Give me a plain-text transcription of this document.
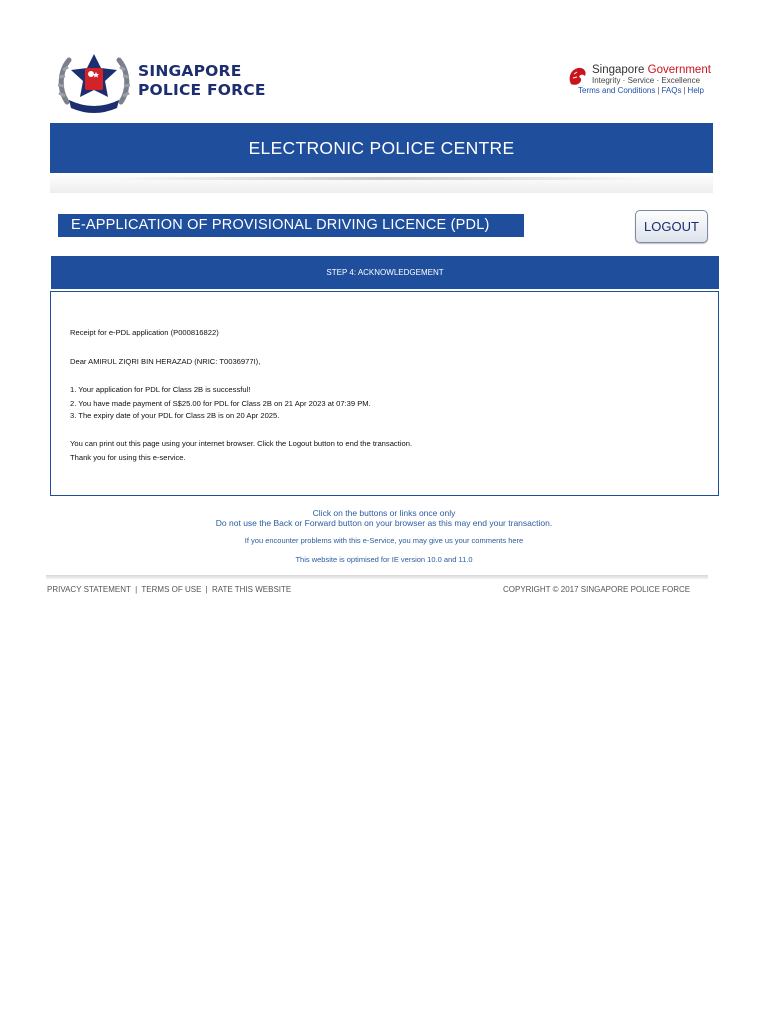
POLIS
SINGAPORE
POLICE FORCE
Singapore Government
Integrity · Service · Excellence
Terms and Conditions | FAQs | Help
ELECTRONIC POLICE CENTRE
E-APPLICATION OF PROVISIONAL DRIVING LICENCE (PDL)	LOGOUT
STEP 4: ACKNOWLEDGEMENT
Receipt for e-PDL application (P000816822)
Dear AMIRUL ZIQRI BIN HERAZAD (NRIC: T0036977I),
1. Your application for PDL for Class 2B is successful!
2. You have made payment of S$25.00 for PDL for Class 2B on 21 Apr 2023 at 07:39 PM.
3. The expiry date of your PDL for Class 2B is on 20 Apr 2025.
You can print out this page using your internet browser. Click the Logout button to end the transaction.
Thank you for using this e-service.
Click on the buttons or links once only
Do not use the Back or Forward button on your browser as this may end your transaction.
If you encounter problems with this e-Service, you may give us your comments here
This website is optimised for IE version 10.0 and 11.0
PRIVACY STATEMENT | TERMS OF USE | RATE THIS WEBSITE	COPYRIGHT © 2017 SINGAPORE POLICE FORCE
